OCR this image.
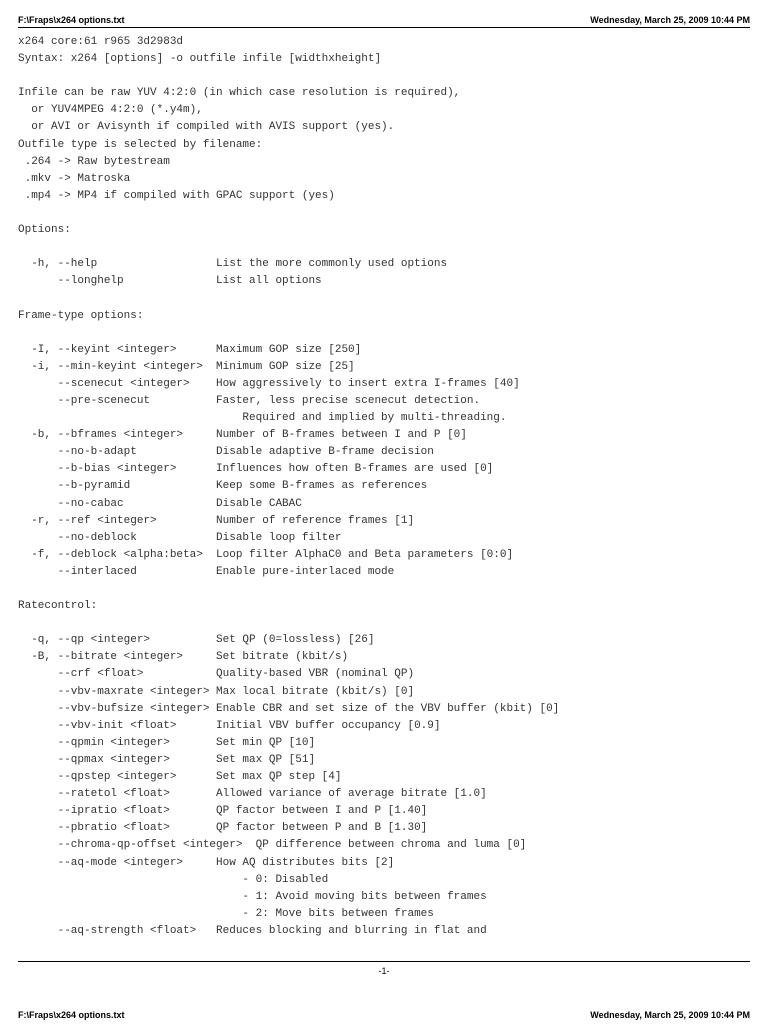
F:\Fraps\x264 options.txt	Wednesday, March 25, 2009 10:44 PM
x264 core:61 r965 3d2983d
Syntax: x264 [options] -o outfile infile [widthxheight]

Infile can be raw YUV 4:2:0 (in which case resolution is required),
or YUV4MPEG 4:2:0 (*.y4m),
or AVI or Avisynth if compiled with AVIS support (yes).
Outfile type is selected by filename:
.264 -> Raw bytestream
.mkv -> Matroska
.mp4 -> MP4 if compiled with GPAC support (yes)

Options:

-h, --help                  List the more commonly used options
--longhelp              List all options

Frame-type options:

-I, --keyint <integer>      Maximum GOP size [250]
-i, --min-keyint <integer>  Minimum GOP size [25]
--scenecut <integer>    How aggressively to insert extra I-frames [40]
--pre-scenecut          Faster, less precise scenecut detection.
Required and implied by multi-threading.
-b, --bframes <integer>     Number of B-frames between I and P [0]
--no-b-adapt            Disable adaptive B-frame decision
--b-bias <integer>      Influences how often B-frames are used [0]
--b-pyramid             Keep some B-frames as references
--no-cabac              Disable CABAC
-r, --ref <integer>         Number of reference frames [1]
--no-deblock            Disable loop filter
-f, --deblock <alpha:beta>  Loop filter AlphaC0 and Beta parameters [0:0]
--interlaced            Enable pure-interlaced mode

Ratecontrol:

-q, --qp <integer>          Set QP (0=lossless) [26]
-B, --bitrate <integer>     Set bitrate (kbit/s)
--crf <float>           Quality-based VBR (nominal QP)
--vbv-maxrate <integer> Max local bitrate (kbit/s) [0]
--vbv-bufsize <integer> Enable CBR and set size of the VBV buffer (kbit) [0]
--vbv-init <float>      Initial VBV buffer occupancy [0.9]
--qpmin <integer>       Set min QP [10]
--qpmax <integer>       Set max QP [51]
--qpstep <integer>      Set max QP step [4]
--ratetol <float>       Allowed variance of average bitrate [1.0]
--ipratio <float>       QP factor between I and P [1.40]
--pbratio <float>       QP factor between P and B [1.30]
--chroma-qp-offset <integer>  QP difference between chroma and luma [0]
--aq-mode <integer>     How AQ distributes bits [2]
- 0: Disabled
- 1: Avoid moving bits between frames
- 2: Move bits between frames
--aq-strength <float>   Reduces blocking and blurring in flat and

-1-
F:\Fraps\x264 options.txt	Wednesday, March 25, 2009 10:44 PM
